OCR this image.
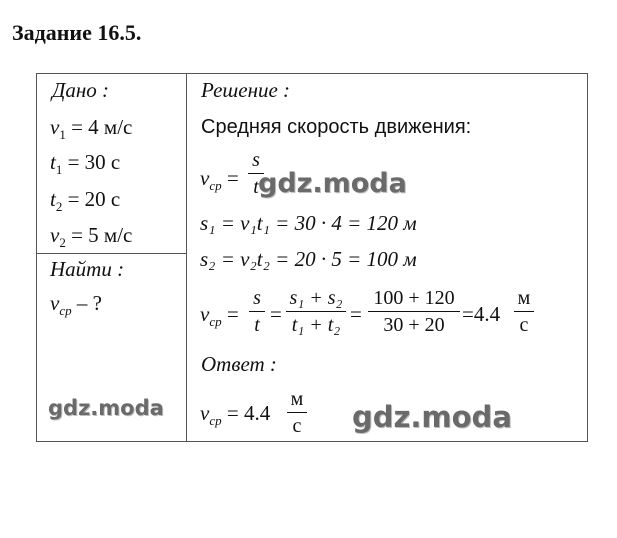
Задание 16.5.
Дано :
$v_1 = 4$ м/с
$t_1 = 30$ с
$t_2 = 20$ с
$v_2 = 5$ м/с
Найти :
$v_{ср}$ – ?
gdz.moda
Решение :
Средняя скорость движения:
$v_{ср}$ =
s
t gdz.moda
s₁ = v₁t₁ = 30 · 4 = 120 м
s₂ = v₂t₂ = 20 · 5 = 100 м
$v_{ср}$ =
s
t =
s₁ + s₂
t₁ + t₂ =
100 + 120
30 + 20 =4.4
м
с
Ответ :
$v_{ср} = 4.4$
м
с gdz.moda
